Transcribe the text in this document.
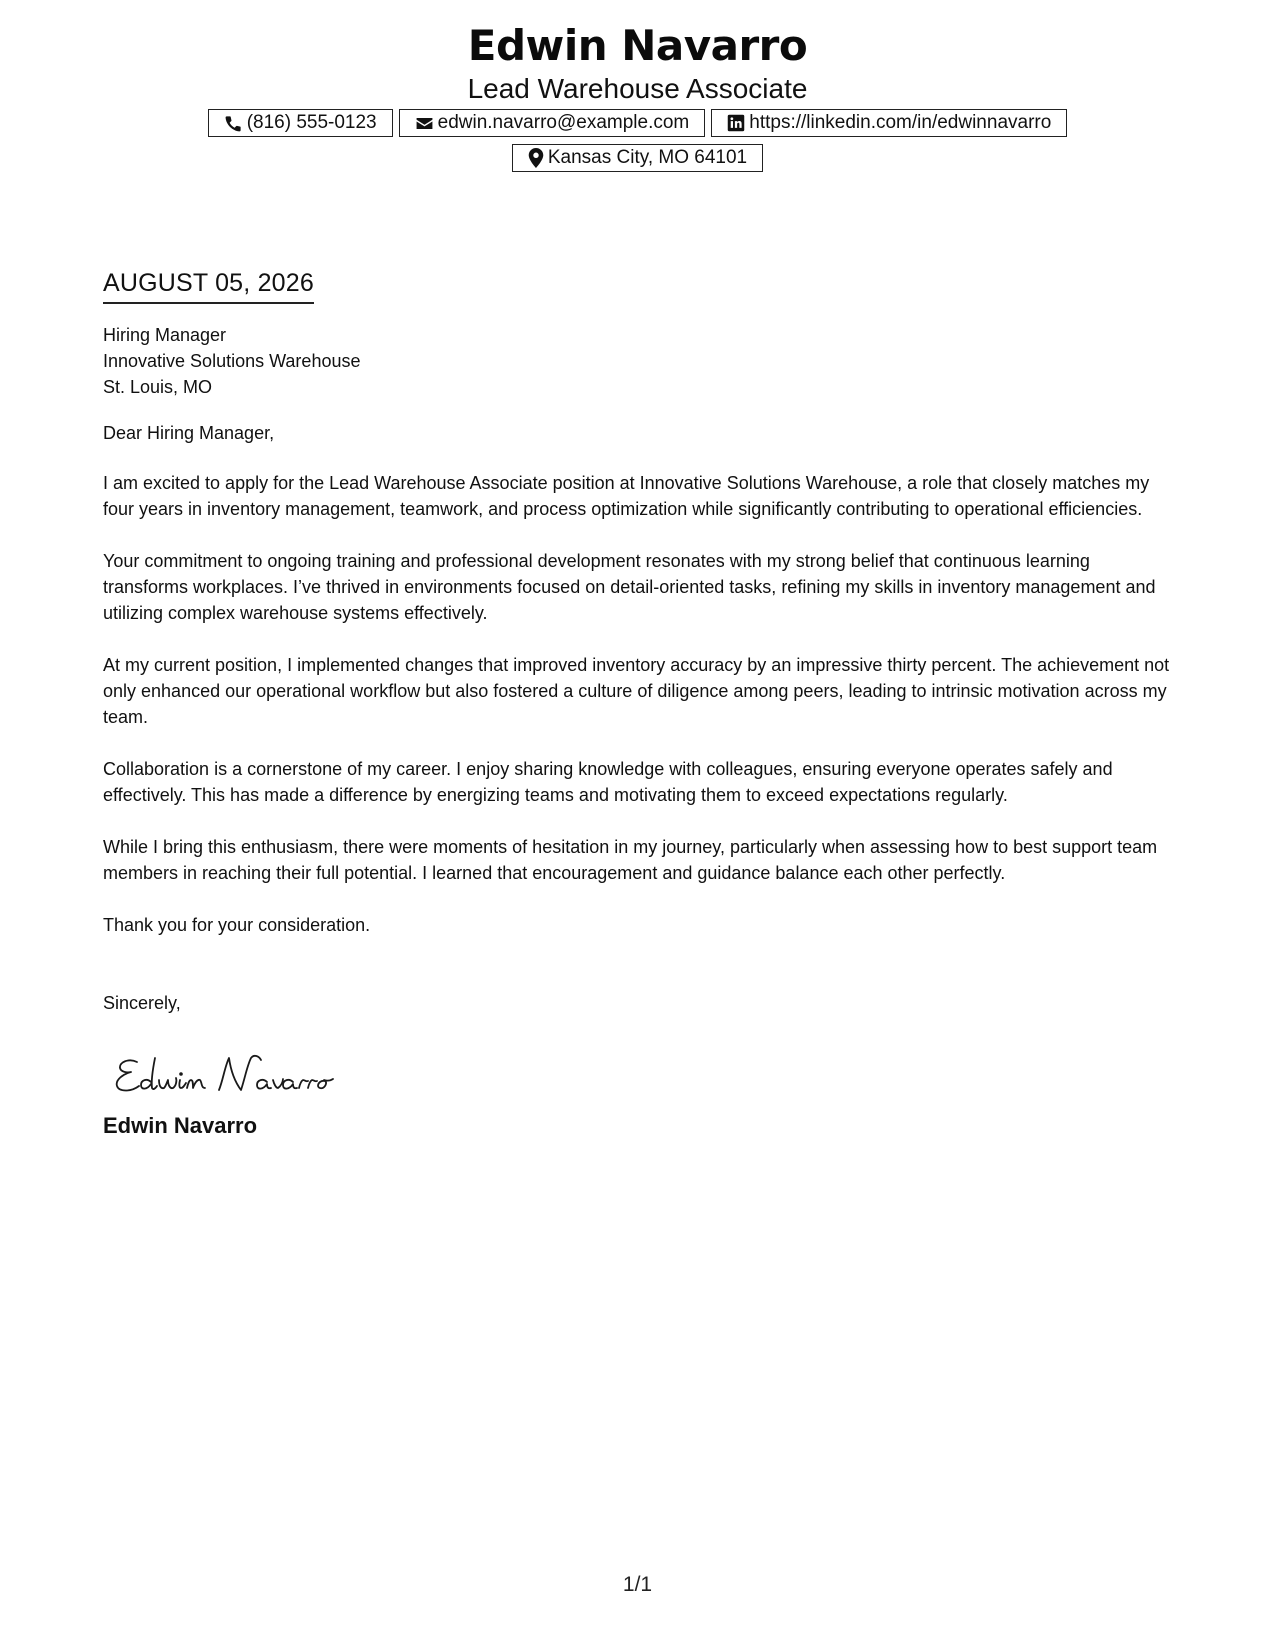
Edwin Navarro
Lead Warehouse Associate
(816) 555-0123	edwin.navarro@example.com	https://linkedin.com/in/edwinnavarro
Kansas City, MO 64101
AUGUST 05, 2026
Hiring Manager
Innovative Solutions Warehouse
St. Louis, MO
Dear Hiring Manager,

I am excited to apply for the Lead Warehouse Associate position at Innovative Solutions Warehouse, a role that closely matches my four years in inventory management, teamwork, and process optimization while significantly contributing to operational efficiencies.

Your commitment to ongoing training and professional development resonates with my strong belief that continuous learning transforms workplaces. I’ve thrived in environments focused on detail-oriented tasks, refining my skills in inventory management and utilizing complex warehouse systems effectively.

At my current position, I implemented changes that improved inventory accuracy by an impressive thirty percent. The achievement not only enhanced our operational workflow but also fostered a culture of diligence among peers, leading to intrinsic motivation across my team.

Collaboration is a cornerstone of my career. I enjoy sharing knowledge with colleagues, ensuring everyone operates safely and effectively. This has made a difference by energizing teams and motivating them to exceed expectations regularly.

While I bring this enthusiasm, there were moments of hesitation in my journey, particularly when assessing how to best support team members in reaching their full potential. I learned that encouragement and guidance balance each other perfectly.

Thank you for your consideration.
Sincerely,
Edwin Navarro
1/1
